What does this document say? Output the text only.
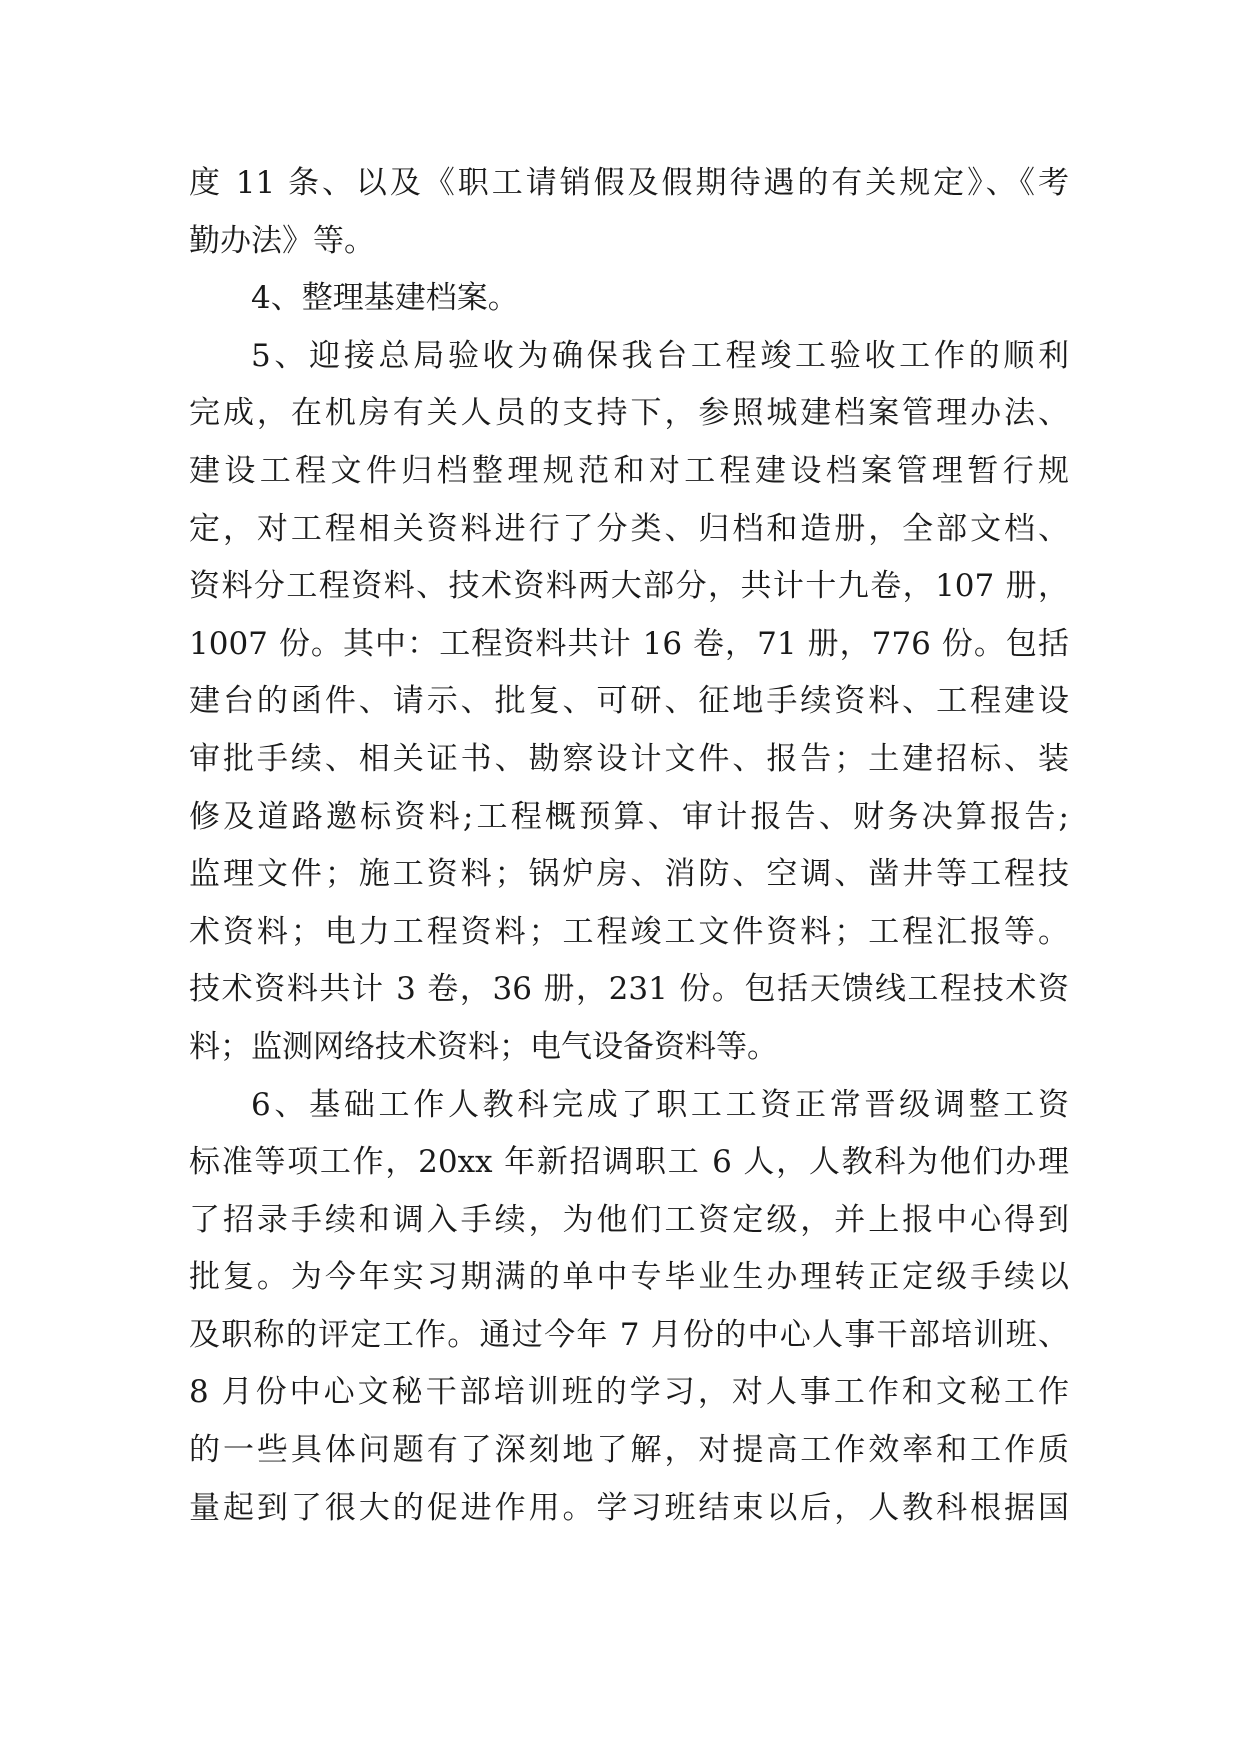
度 11 条、以及《职工请销假及假期待遇的有关规定》、《考
勤办法》等。
4、整理基建档案。
5、迎接总局验收为确保我台工程竣工验收工作的顺利
完成，在机房有关人员的支持下，参照城建档案管理办法、
建设工程文件归档整理规范和对工程建设档案管理暂行规
定，对工程相关资料进行了分类、归档和造册，全部文档、
资料分工程资料、技术资料两大部分，共计十九卷，107 册，
1007 份。其中：工程资料共计 16 卷，71 册，776 份。包括
建台的函件、请示、批复、可研、征地手续资料、工程建设
审批手续、相关证书、勘察设计文件、报告；土建招标、装
修及道路邀标资料;工程概预算、审计报告、财务决算报告;
监理文件；施工资料；锅炉房、消防、空调、凿井等工程技
术资料；电力工程资料；工程竣工文件资料；工程汇报等。
技术资料共计 3 卷，36 册，231 份。包括天馈线工程技术资
料；监测网络技术资料；电气设备资料等。
6、基础工作人教科完成了职工工资正常晋级调整工资
标准等项工作，20xx 年新招调职工 6 人，人教科为他们办理
了招录手续和调入手续，为他们工资定级，并上报中心得到
批复。为今年实习期满的单中专毕业生办理转正定级手续以
及职称的评定工作。通过今年 7 月份的中心人事干部培训班、
8 月份中心文秘干部培训班的学习，对人事工作和文秘工作
的一些具体问题有了深刻地了解，对提高工作效率和工作质
量起到了很大的促进作用。学习班结束以后，人教科根据国
